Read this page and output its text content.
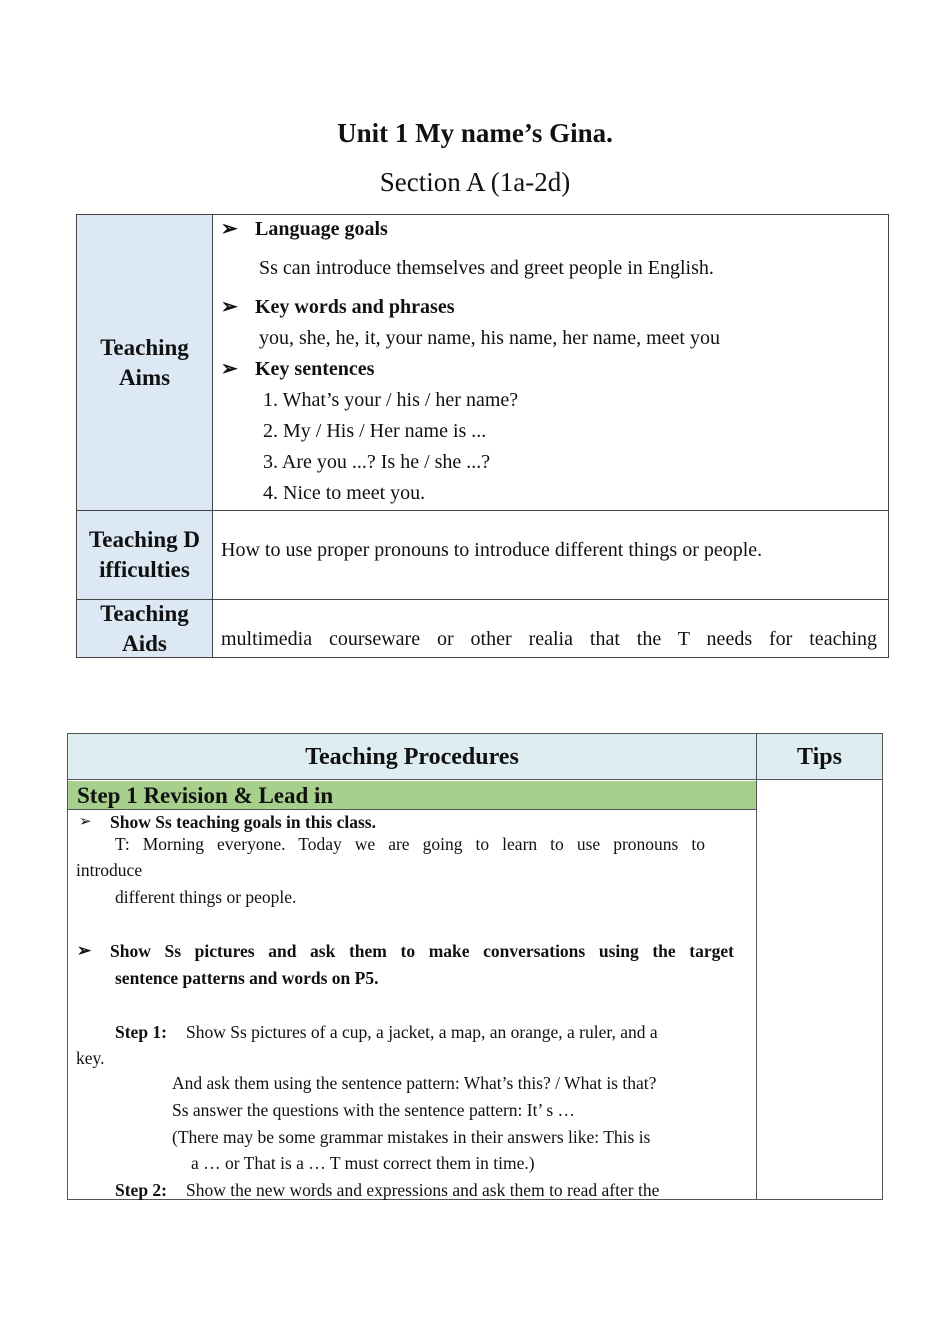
Unit 1 My name’s Gina.
Section A (1a-2d)
Teaching Aims
➢ Language goals
Ss can introduce themselves and greet people in English.
➢ Key words and phrases
you, she, he, it, your name, his name, her name, meet you
➢ Key sentences
1. What’s your / his / her name?
2. My / His / Her name is ...
3. Are you ...? Is he / she ...?
4. Nice to meet you.
Teaching Difficulties
How to use proper pronouns to introduce different things or people.
Teaching Aids	multimedia courseware or other realia that the T needs for teaching
Teaching Procedures	Tips
Step 1 Revision & Lead in
➢ Show Ss teaching goals in this class.
T: Morning everyone. Today we are going to learn to use pronouns to
introduce
different things or people.
➢ Show Ss pictures and ask them to make conversations using the target
sentence patterns and words on P5.
Step 1: Show Ss pictures of a cup, a jacket, a map, an orange, a ruler, and a
key.
And ask them using the sentence pattern: What’s this? / What is that?
Ss answer the questions with the sentence pattern: It’ s …
(There may be some grammar mistakes in their answers like: This is
a … or That is a … T must correct them in time.)
Step 2: Show the new words and expressions and ask them to read after the
